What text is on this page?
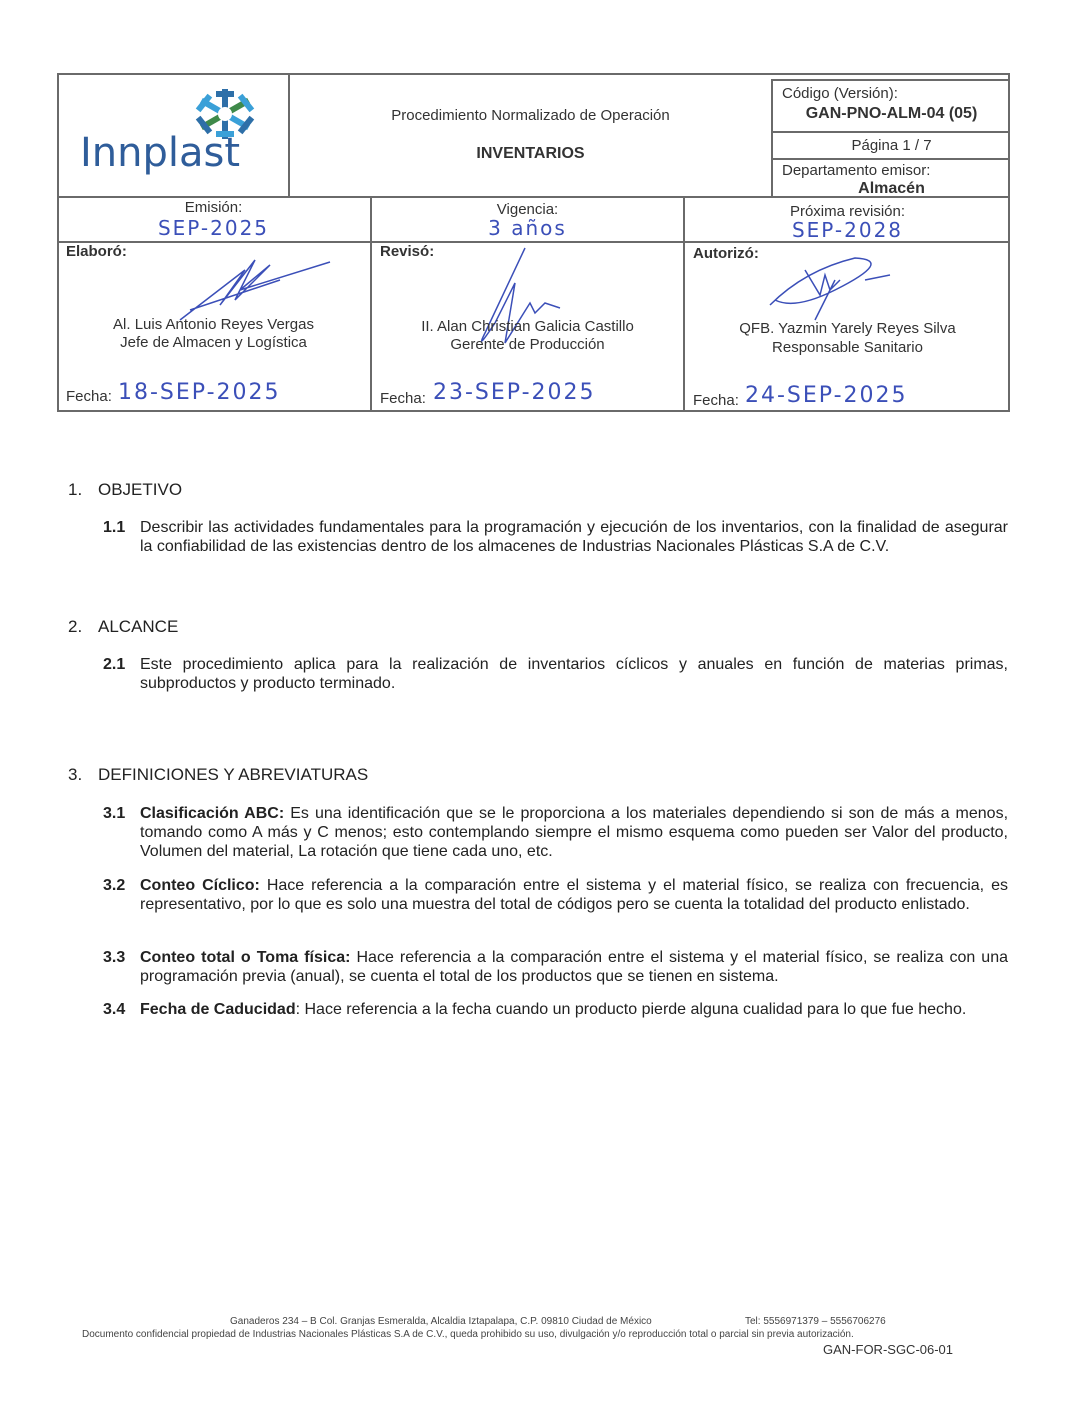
Innplast
Procedimiento Normalizado de Operación
INVENTARIOS
Código (Versión):
GAN-PNO-ALM-04 (05)
Página 1 / 7
Departamento emisor:
Almacén
Emisión:
SEP-2025
Vigencia:
3 años
Próxima revisión:
SEP-2028
Elaboró:
Al. Luis Antonio Reyes Vergas
Jefe de Almacen y Logística
Fecha: 18-SEP-2025
Revisó:
II. Alan Christian Galicia Castillo
Gerente de Producción
Fecha: 23-SEP-2025
Autorizó:
QFB. Yazmin Yarely Reyes Silva
Responsable Sanitario
Fecha: 24-SEP-2025
1. OBJETIVO
1.1 Describir las actividades fundamentales para la programación y ejecución de los inventarios, con la finalidad de asegurar la confiabilidad de las existencias dentro de los almacenes de Industrias Nacionales Plásticas S.A de C.V.
2. ALCANCE
2.1 Este procedimiento aplica para la realización de inventarios cíclicos y anuales en función de materias primas, subproductos y producto terminado.
3. DEFINICIONES Y ABREVIATURAS
3.1 Clasificación ABC: Es una identificación que se le proporciona a los materiales dependiendo si son de más a menos, tomando como A más y C menos; esto contemplando siempre el mismo esquema como pueden ser Valor del producto, Volumen del material, La rotación que tiene cada uno, etc.
3.2 Conteo Cíclico: Hace referencia a la comparación entre el sistema y el material físico, se realiza con frecuencia, es representativo, por lo que es solo una muestra del total de códigos pero se cuenta la totalidad del producto enlistado.
3.3 Conteo total o Toma física: Hace referencia a la comparación entre el sistema y el material físico, se realiza con una programación previa (anual), se cuenta el total de los productos que se tienen en sistema.
3.4 Fecha de Caducidad: Hace referencia a la fecha cuando un producto pierde alguna cualidad para lo que fue hecho.
Ganaderos 234 – B Col. Granjas Esmeralda, Alcaldia Iztapalapa, C.P. 09810 Ciudad de México	Tel: 5556971379 – 5556706276
Documento confidencial propiedad de Industrias Nacionales Plásticas S.A de C.V., queda prohibido su uso, divulgación y/o reproducción total o parcial sin previa autorización.
GAN-FOR-SGC-06-01
